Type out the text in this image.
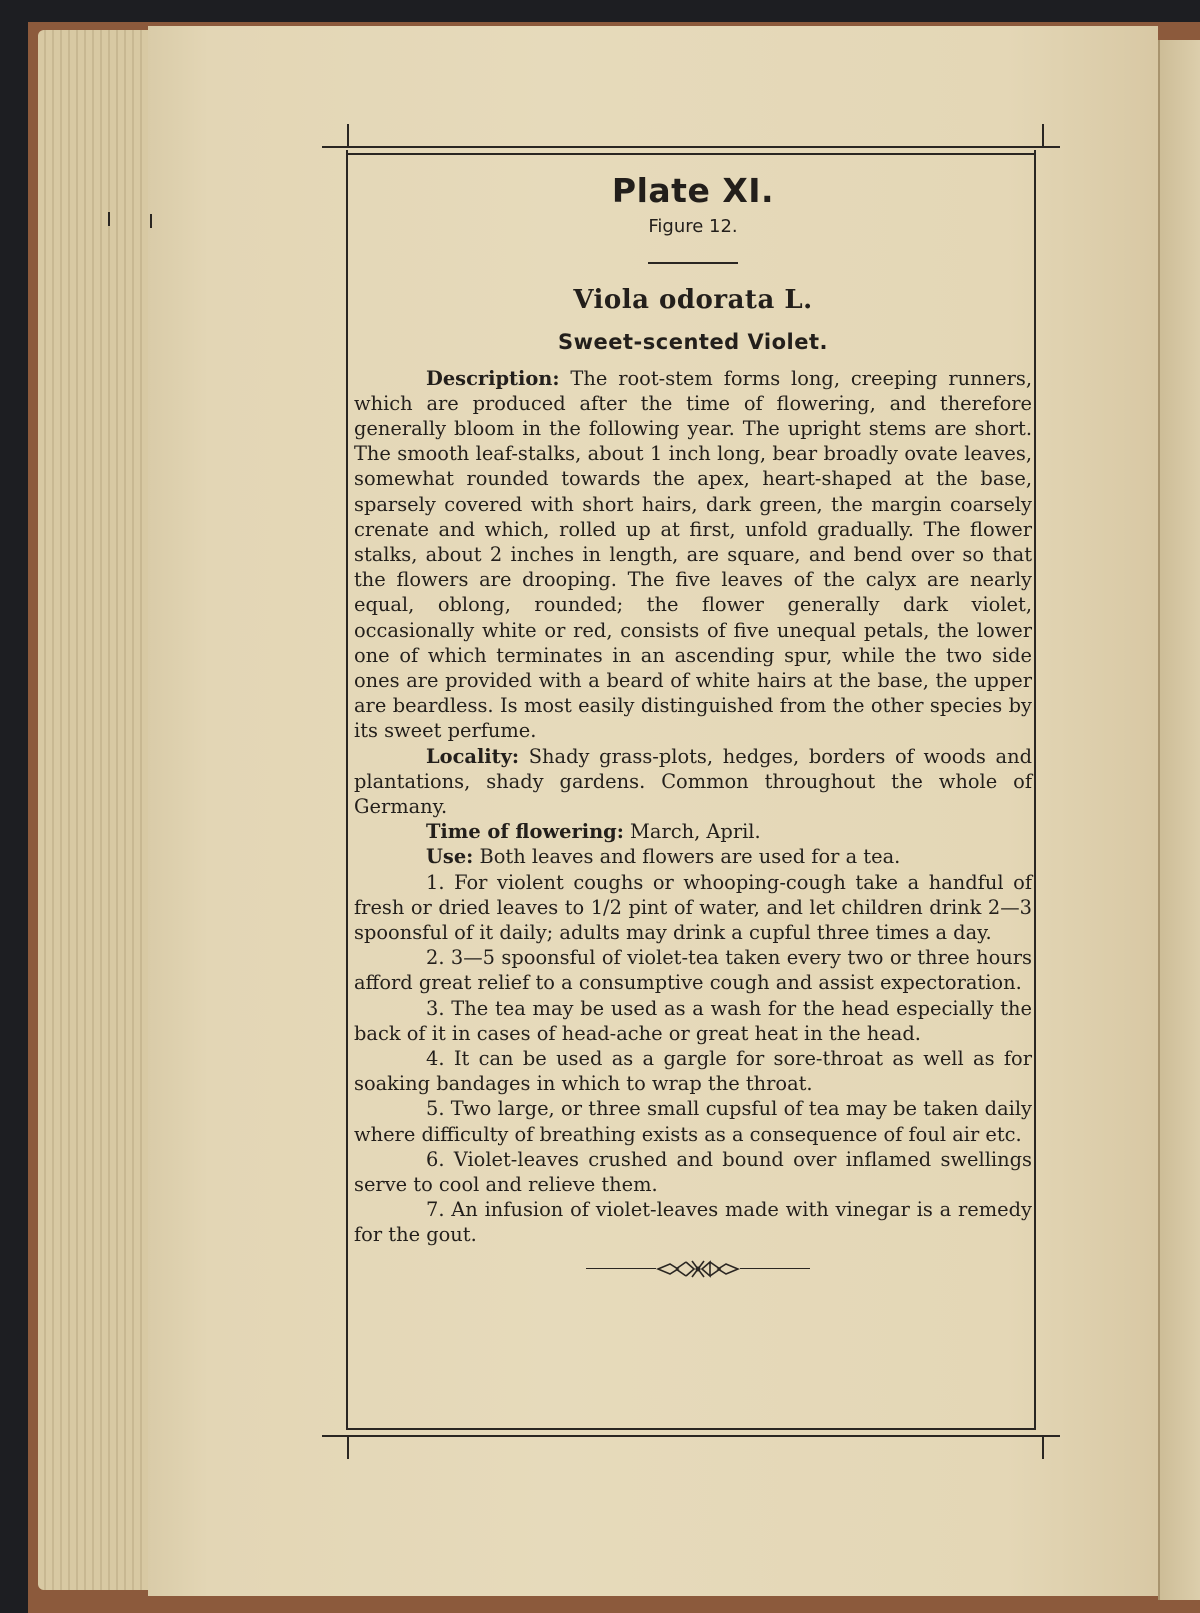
Plate XI.
Figure 12.
Viola odorata L.
Sweet-scented Violet.

Description: The root-stem forms long, creeping runners, which are produced after the time of flowering, and therefore generally bloom in the following year. The upright stems are short. The smooth leaf-stalks, about 1 inch long, bear broadly ovate leaves, somewhat rounded towards the apex, heart-shaped at the base, sparsely covered with short hairs, dark green, the margin coarsely crenate and which, rolled up at first, unfold gradually. The flower stalks, about 2 inches in length, are square, and bend over so that the flowers are drooping. The five leaves of the calyx are nearly equal, oblong, rounded; the flower generally dark violet, occasionally white or red, consists of five unequal petals, the lower one of which terminates in an ascending spur, while the two side ones are provided with a beard of white hairs at the base, the upper are beardless. Is most easily distinguished from the other species by its sweet perfume.

Locality: Shady grass-plots, hedges, borders of woods and plantations, shady gardens. Common throughout the whole of Germany.

Time of flowering: March, April.

Use: Both leaves and flowers are used for a tea.

1. For violent coughs or whooping-cough take a handful of fresh or dried leaves to 1/2 pint of water, and let children drink 2—3 spoonsful of it daily; adults may drink a cupful three times a day.

2. 3—5 spoonsful of violet-tea taken every two or three hours afford great relief to a consumptive cough and assist expectoration.

3. The tea may be used as a wash for the head especially the back of it in cases of head-ache or great heat in the head.

4. It can be used as a gargle for sore-throat as well as for soaking bandages in which to wrap the throat.

5. Two large, or three small cupsful of tea may be taken daily where difficulty of breathing exists as a consequence of foul air etc.

6. Violet-leaves crushed and bound over inflamed swellings serve to cool and relieve them.

7. An infusion of violet-leaves made with vinegar is a remedy for the gout.
